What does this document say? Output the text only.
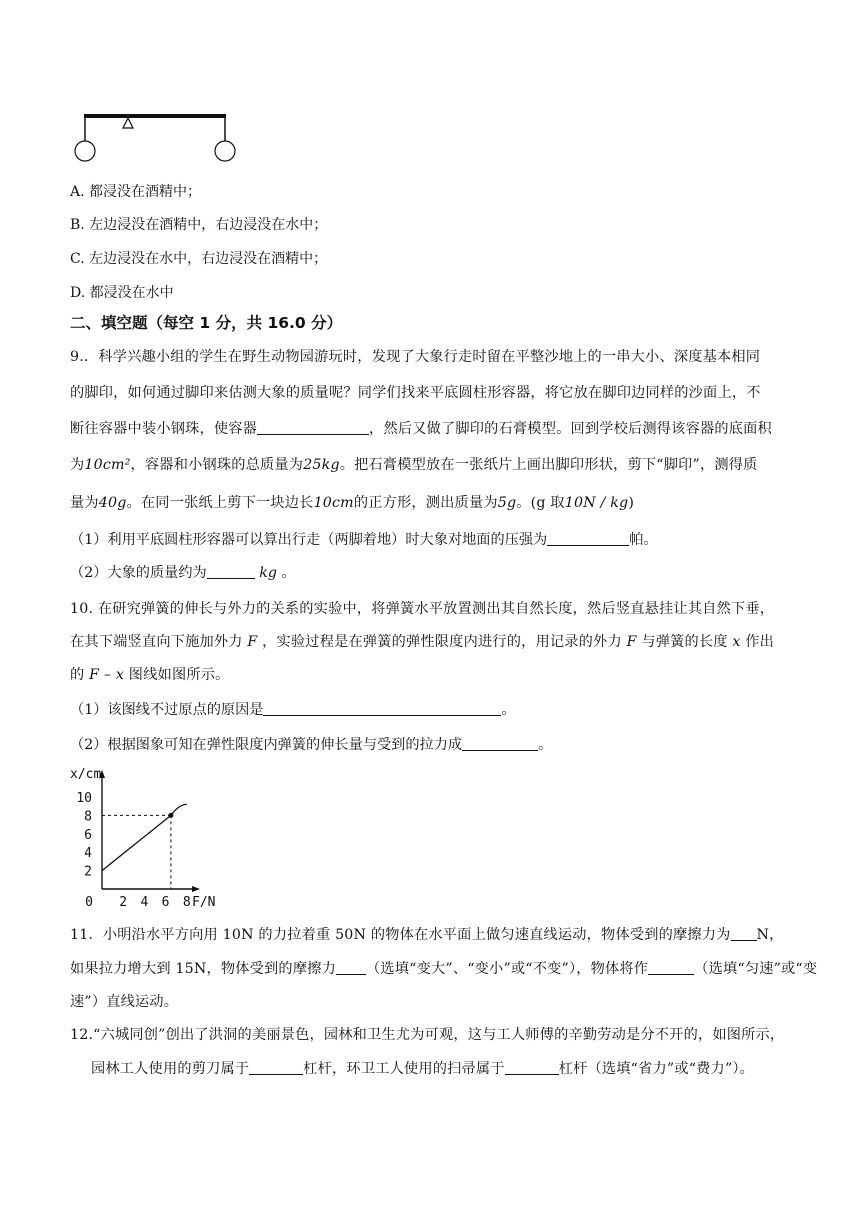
A. 都浸没在酒精中；
B. 左边浸没在酒精中，右边浸没在水中；
C. 左边浸没在水中，右边浸没在酒精中；
D. 都浸没在水中
二、填空题（每空 1 分，共 16.0 分）
9.．科学兴趣小组的学生在野生动物园游玩时，发现了大象行走时留在平整沙地上的一串大小、深度基本相同
的脚印，如何通过脚印来估测大象的质量呢？同学们找来平底圆柱形容器，将它放在脚印边同样的沙面上，不
断往容器中装小钢珠，使容器	，然后又做了脚印的石膏模型。回到学校后测得该容器的底面积
为10cm²，容器和小钢珠的总质量为25kg。把石膏模型放在一张纸片上画出脚印形状，剪下“脚印”，测得质
量为40g。在同一张纸上剪下一块边长10cm的正方形，测出质量为5g。(g 取10N / kg)
（1）利用平底圆柱形容器可以算出行走（两脚着地）时大象对地面的压强为	帕。
（2）大象的质量约为	kg 。
10. 在研究弹簧的伸长与外力的关系的实验中，将弹簧水平放置测出其自然长度，然后竖直悬挂让其自然下垂，
在其下端竖直向下施加外力 F ，实验过程是在弹簧的弹性限度内进行的，用记录的外力 F 与弹簧的长度 x 作出
的 F – x 图线如图所示。
（1）该图线不过原点的原因是	。
（2）根据图象可知在弹性限度内弹簧的伸长量与受到的拉力成	。
x/cm
F/N
10
8
6
4
2
0 2 4 6 8
11．小明沿水平方向用 10N 的力拉着重 50N 的物体在水平面上做匀速直线运动，物体受到的摩擦力为 N，
如果拉力增大到 15N，物体受到的摩擦力 （选填“变大”、“变小”或“不变”），物体将作	（选填“匀速”或“变
速”）直线运动。
12.“六城同创”创出了洪洞的美丽景色，园林和卫生尤为可观，这与工人师傅的辛勤劳动是分不开的，如图所示，
园林工人使用的剪刀属于	杠杆，环卫工人使用的扫帚属于	杠杆（选填“省力”或“费力”）。
